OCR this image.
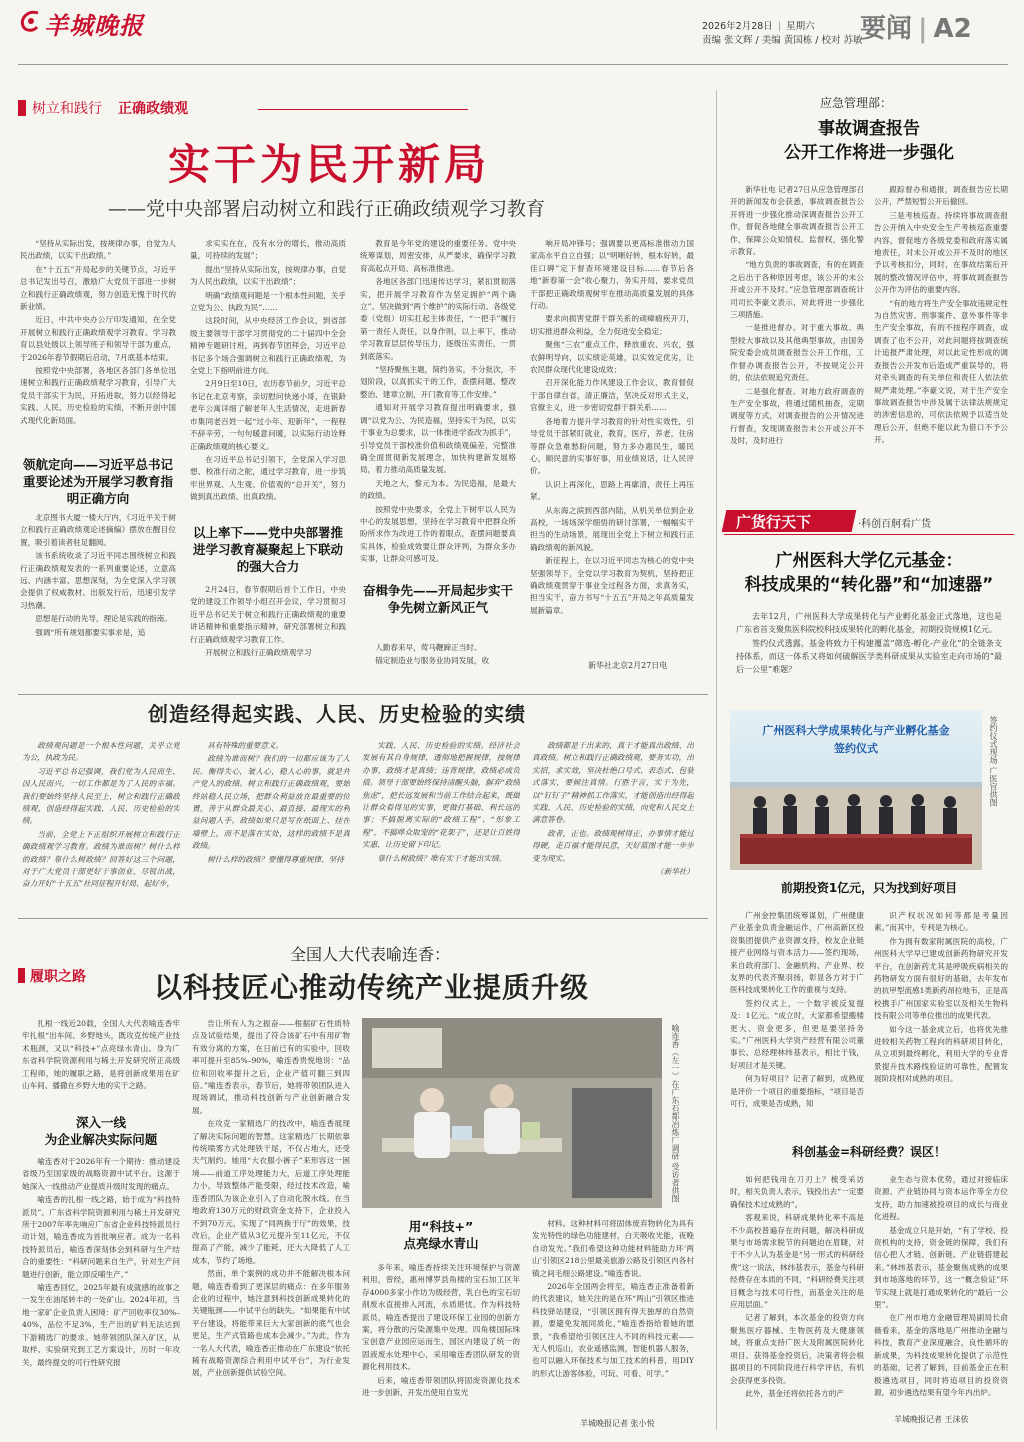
羊城晚报	2026年2月28日 | 星期六
责编 张文辉 / 美编 黄国栋 / 校对 苏敏
要闻 | A2
树立和践行 正确政绩观
实干为民开新局
——党中央部署启动树立和践行正确政绩观学习教育

“坚持从实际出发，按规律办事，自觉为人民出政绩，以实干出政绩。”

在“十五五”开局起步的关键节点，习近平总书记发出号召，激励广大党员干部进一步树立和践行正确政绩观，努力创造无愧于时代的新业绩。

近日，中共中央办公厅印发通知，在全党开展树立和践行正确政绩观学习教育。学习教育以县处级以上领导班子和领导干部为重点，于2026年春节假期后启动，7月底基本结束。

按照党中央部署，各地区各部门各单位迅速树立和践行正确政绩观学习教育，引导广大党员干部实干为民，开拓进取，努力以经得起实践、人民、历史检验的实绩，不断开创中国式现代化新局面。

领航定向——习近平总书记重要论述为开展学习教育指明正确方向

北京图书大厦一楼大厅内，《习近平关于树立和践行正确政绩观论述摘编》摆放在醒目位置，吸引着读者驻足翻阅。

该书系统收录了习近平同志围绕树立和践行正确政绩观发表的一系列重要论述，立意高远、内涵丰富、思想深刻，为全党深入学习领会提供了权威教材。出版发行后，迅速引发学习热潮。

思想是行动的先导，理论是实践的指南。

强调“所有规划都要实事求是，追

求实实在在，没有水分的增长，推动高质量，可持续的发展”；

提出“坚持从实际出发，按规律办事，自觉为人民出政绩，以实干出政绩”；

明确“政绩观问题是一个根本性问题，关乎立党为公、执政为民”……

这段时间，从中央经济工作会议，到省部级主要领导干部学习贯彻党的二十届四中全会精神专题研讨班，再到春节团拜会，习近平总书记多个场合强调树立和践行正确政绩观，为全党上下指明前进方向。

2月9日至10日，农历春节前夕，习近平总书记在北京考察，亲切慰问快递小哥，在银龄老年公寓详细了解老年人生活情况，走进新春市集同老百姓一起“过小年、迎新年”，一程程不辞辛劳，一句句暖意问暖，以实际行动诠释正确政绩观的核心要义。

在习近平总书记引领下，全党深入学习思想、校准行动之舵，通过学习教育，进一步筑牢世界观、人生观、价值观的“总开关”，努力做到真出政绩、出真政绩。

以上率下——党中央部署推进学习教育凝聚起上下联动的强大合力

2月24日，春节假期后首个工作日，中央党的建设工作领导小组召开会议，学习贯彻习近平总书记关于树立和践行正确政绩观的重要讲话精神和重要指示精神，研究部署树立和践行正确政绩观学习教育工作。

开展树立和践行正确政绩观学习

教育是今年党的建设的重要任务。党中央统筹谋划，周密安排，从严要求，确保学习教育高起点开局、高标准推进。

各地区各部门迅速传达学习，紧扣贯彻落实，把开展学习教育作为坚定拥护“两个确立”、坚决做到“两个维护”的实际行动。各级党委（党组）切实扛起主体责任，“一把手”履行第一责任人责任，以身作则，以上率下，推动学习教育层层传导压力，逐级压实责任，一贯到底落实。

“坚持聚焦主题，简约务实，不分批次，不划阶段，以真抓实干的工作，查摆问题、整改整治、建章立制，开门教育等工作安排。”

通知对开展学习教育提出明确要求，强调“以党为公、为民造福，坚持实干为民，以实干事业为总要求，以一体推进学查改为抓手”，引导党员干部校准价值和政绩观偏差，完整准确全面贯彻新发展理念，加快构建新发展格局，着力推动高质量发展。

天地之大，黎元为本。为民造福，是最大的政绩。

按照党中央要求，全党上下树牢以人民为中心的发展思想，坚持在学习教育中把群众所盼所求作为改进工作的着眼点，查摆问题要真实具体，检验成效要让群众评判，为群众多办实事，让群众可感可及。

奋楫争先——开局起步实干争先树立新风正气

人勤春来早，莺马鞭蹄正当时。

锚定制造业与服务业协同发展，收

响开局冲锋号；强调要以更高标准推动力国家高水平自立自强；以“明晰好转，根本好转，最佳口碑”定下督查环境建设目标……春节后各地“新春第一会”收心聚力，务实开局，要求党员干部把正确政绩观树牢在推动高质量发展的具体行动。

要求向损害党群干群关系的顽瘴痼疾开刀，切实推进群众利益，全力促进安全稳定；

聚焦“三农”重点工作，释放重农、兴农，强农鲜明导向，以实绩论英雄，以实效定优劣，让农民群众现代化建设成效；

召开深化能力作风建设工作会议，教育督促干部自律自省，清正廉洁，坚决反对形式主义，官僚主义，进一步密切党群干群关系……

各地着力提升学习教育的针对性实效性，引导党员干部紧盯就业，教育，医疗，养老，住房等群众急难愁盼问题，努力多办惠民生，暖民心，顺民意的实事好事，用业绩说话，让人民评价。

认识上再深化，思路上再廓清，责任上再压紧。

从东海之滨到西部内陆，从机关单位到企业高校，一场场深学细悟的研讨部署，一幅幅实干担当的生动场景，展现出全党上下树立和践行正确政绩观的新风貌。

新征程上，在以习近平同志为核心的党中央坚强领导下，全党以学习教育为契机，坚持把正确政绩观贯穿于事业全过程各方面，求真务实，担当实干，奋力书写“十五五”开局之年高质量发展新篇章。

新华社北京2月27日电
创造经得起实践、人民、历史检验的实绩

政绩观问题是一个根本性问题，关乎立党为公，执政为民。

习近平总书记强调，我们党为人民而生、因人民而兴，一切工作都是为了人民的幸福。我们要始终坚持人民至上，树立和践行正确政绩观，创造经得起实践、人民、历史检验的实绩。

当前，全党上下正组织开展树立和践行正确政绩观学习教育。政绩为谁而树？树什么样的政绩？靠什么树政绩？回答好这三个问题，对于广大党员干部更好干事创业，尽锐出战，奋力开好“十五五”社同征程开好局、起好步，

具有特殊的重要意义。

政绩为谁而树？我们的一切都应该为了人民。衡得失心，皱人心，稳人心的事，就是共产党人的政绩。树立和践行正确政绩观，要始终站稳人民立场，把群众利益放在最重要的位置，善于从群众最关心、最直接、最现实的利益问题入手。政绩如果只是写在纸面上、挂在墙壁上，而不是落在实处，这样的政绩不是真政绩。

树什么样的政绩？要懂得尊重规律、坚持

实践、人民、历史检验的实绩。经济社会发展有其自身规律，透彻地把握规律，按规律办事，政绩才是真绩；违背规律，政绩必成负债。领导干部要始终保持清醒头脑，摒弃“政绩焦虑”，把长远发展和当前工作结合起来，既做让群众看得见的实事，更做打基础、利长远的事；不搞脱离实际的“政绩工程”、“形象工程”，不搞哗众取宠的“花架子”，还是让百姓得实惠、让历史留下印记。

靠什么树政绩？唯有实干才能出实绩。

政绩都是干出来的，真干才能真出政绩、出真政绩。树立和践行正确政绩观，要务实功，出实招，求实效，坚决杜绝口号式、表态式、包装式落实，要倾注真情。行胜于言，实干为先，以“钉钉子”精神抓工作落实，才能创造出经得起实践、人民、历史检验的实绩，向党和人民交上满意答卷。

政者，正也。政绩观树得正，办事情才能过得硬，走百福才能得民意，天好蓝图才能一步步变为现实。

（新华社）

应急管理部：
事故调查报告
公开工作将进一步强化

新华社电 记者27日从应急管理部召开的新闻发布会获悉，事故调查报告公开将进一步强化推动深调查报告公开工作，督促各地健全事故调查报告公开工作，保障公众知情权、监督权，强化警示教育。

“地方负责的事故调查，有的在调查之后出于各种原因考虑，该公开的未公开或公开不及时。”应急管理部调查统计司司长李豪文表示，对此将进一步强化三项措施。

一是推进督办。对于重大事故、典型较大事故以及其他典型事故，由国务院安委会成员调查报告公开工作组，工作督办调查报告公开，不按规定公开的，依法依规追究责任。

二是强化督查。对地方政府调查的生产安全事故，将通过随机抽查，定期调度等方式，对调查报告的公开情况进行督查，发现调查报告未公开或公开不及时，及时进行

跟踪督办和通报，调查报告应长期公开，严禁短暂公开后撤回。

三是考核巡查。持续将事故调查报告公开纳入中央安全生产考核巡查重要内容，督促地方各级党委和政府落实属地责任，对未公开或公开不及时的地区予以考核扣分，同时，在事故结案后开展的整改情况评估中，将事故调查报告公开作为评估的重要内容。

“有的地方将生产安全事故违规定性为自然灾害、刑事案件、意外事件等非生产安全事故，有的不按程序调查，或调查了也不公开，对此问题将按调查统计追报严肃处理，对以此定性形成的调查报告公开发布后造成严重误导的，将对牵头调查的有关单位和责任人依法依规严肃处理。”李豪文说，对于生产安全事故调查报告中涉及属于法律法规规定的涉密信息的，可依法依规予以适当处理后公开，但绝不能以此为借口不予公开。

广货行天下	·科创百舸看广货
广州医科大学亿元基金：
科技成果的“转化器”和“加速器”

去年12月，广州医科大学成果转化与产业孵化基金正式落地，这也是广东省首支聚焦医科院校科技成果转化的孵化基金，初期投资规模1亿元。

签约仪式透露，基金将致力于构建覆盖“筛选-孵化-产业化”的全链条支持体系，而这一体系又将如何破解医学类科研成果从实验室走向市场的“最后一公里”难题？

广州医科大学成果转化与产业孵化基金
签约仪式	签约仪式现场 广医官供图
前期投资1亿元，只为找到好项目

广州金控集团统筹谋划，广州健康产业基金负责金融运作，广州高新区投资集团提供产业资源支持，校友企业链接产业网络与资本活力——签约现场，来自政府部门、金融机构、产业界、校友界的代表齐聚羽扬，彰显各方对于广医科技成果转化工作的重视与支持。

签约仪式上，一个数字被反复提及：1亿元。“成立时，大家都希望搬楼更大、资金更多，但更是要坚持务实。”广州医科大学资产经营有限公司董事长、总经理林纬基表示，相比于钱，好项目才是关键。

何为好项目？记者了解到，成熟度是评价一个项目的重要指标，“项目是否可行，成果是否成熟，知

识产权状况如何等都是考量因素。”而其中，专利是为核心。

作为拥有数家附属医院的高校，广州医科大学早已建成创新药物研究开发平台，在创新药尤其是呼吸疾病相关的药物研发方面有很好的基础，去年发布的抗甲型流感1类新药昂拉地韦，正是高校携手广州国家实验室以及相关生物科技有限公司等单位推出的成果代表。

如今这一基金成立后，也将优先推进较相关药物工程向的科研项目转化，从立项到最终孵化，利用大学的专业背景提升技术路线验证的可靠性，配置发展阶段相对成熟的项目。

科创基金=科研经费？误区！

如何把钱用在刀刃上？梳受采访时，相关负责人表示，钱投出去“一定要确保技术过成熟的”。

客观来说，科研成果转化率不高是不少高校普遍存在的问题，解决科研成果与市场需求脱节的问题迫在眉睫，对于不少人认为基金是“另一形式的科研经费”这一说法，林纬基表示，基金与科研经费存在本质的不同，“科研经费关注项目概念与技术可行性，而基金关注的是应用层面。”

记者了解到，本次基金的投资方向聚焦医疗器械、生物医药及大健康领域，将重点支持广医大及附属医院转化项目。获得基金投资后，决策者将会根据项目的不同阶段进行科学评估，有机会获得更多投资。

此外，基金还将依托各方的产

业生态与资本优势，通过对接临床资源、产业链协同与资本运作等全方位支持，助力加速被投项目的成长与商业化进程。

基金成立只是开始，“有了学校、投资机构的支持，资金链的保障，我们有信心把人才链、创新链、产业链搭建起来。”林纬基表示，基金聚焦成熟的成果到市场落地的环节，这一“概念验证”环节实现上就是打通成果转化的“最后一公里”。

在广州市地方金融管理局副局长俞薇看来，基金的落地是广州推动金融与科技，教育产业深度融合，良性循环的新成果，为科技成果转化提供了示范性的基础，记者了解到，目前基金正在积极遴选项目，同时将追项目的投资资源，初步遴选结果有望今年内出炉。

羊城晚报记者 王沫依
全国人大代表喻连香：
履职之路 以科技匠心推动传统产业提质升级

扎根一线近20载，全国人大代表喻连香牢牢扎根“出车间、乡野地头，既攻克传统产业技术瓶颈，又以“科技+”点亮绿水青山。身为广东省科学院资源利用与稀土开发研究所正高级工程师，她的履职之路，是将创新成果用在矿山车间、播撒在乡野大地的实干之路。

深入一线
为企业解决实际问题

喻连香对于2026年有一个期待：推动建设省级乃至国家级的战略资源中试平台。这源于她深入一线推动产业提质升级时发现的痛点。

喻连香的扎根一线之路，始于成为“科技特派员”。广东省科学院资源利用与稀土开发研究所于2007年率先响应广东省企业科技特派员行动计划，喻连香成为首批响应者。成为一名科技特派员后，喻连香深刻体会到科研与生产结合的重要性：“科研问题来自生产，针对生产问题进行创新，能立即反哺生产。”

喻连香回忆，2025年最有成就感的故事之一发生在油尾转丰的一处矿山。2024年初，当地一家矿企业负责人困境：矿产回收率仅30%–40%，品位不足3%，生产出的矿料无法达到下游精选厂的要求。她带领团队深入矿区，从取样、实验研究到工艺方案设计，历时一年攻关，最终提交的可行性研究报

告让所有人为之振奋——根据矿石性质特点及试验结果，提出了符合该矿石中有用矿物有效分离的方案，在日前已有的实验中，回收率可提升至85%–90%，喻连香贵悦地说：“品位和回收率提升之后，企业产值可翻三到四倍。”喻连香表示，春节后，她将带领团队进入现场调试，推动科技创新与产业创新融合发展。

在攻克一家精选厂的技改中，喻连香展现了解决实际问题的智慧。这家精选厂长期依靠传统喷雾方式处理铁干尾，不仅占地大，还受天气制约。她用“大衣服小裤子”来形容这一困境——前道工序处理能力大，后道工序处理能力小，导致整体产能受限，经过技术改造，喻连香团队为该企业引入了自动化脱水线。在当地政府130万元的财政资金支持下，企业投入不到70万元，实现了“同两换于厅”的效果，技改后，企业产值从3亿元提升至11亿元，不仅提高了产能，减少了能耗，还大大降低了人工成本，节约了场地。

然而，单个案例的成功并不能解决根本问题，喻连香看到了更深层的痛点：在多年服务企业的过程中，她注意到科技创新成果转化的关键瓶颈——中试平台的缺失。“如果能有中试平台建设，将能带来巨大大家创新的底气也会更足，生产式管路也成本会减少。”为此，作为一名人大代表，喻连香正推动在广东建设“依托稀有战略资源综合利用中试平台”，为行业发展，产业创新提供试验空间。

喻连香（左一）在广东石都冶炼厂调研 受访者供图
用“科技+”
点亮绿水青山

多年来，喻连香持续关注环境保护与资源利用，曾经，惠州博罗县角楼的宝石加工区年存4000多家小作坊为级经营，乳白色的宝石切削废水直接排入河流，水质堪忧。作为科技特派员，喻连香提出了建设环保工业园的创新方案，将分散的污染源集中处理。四角楼国际珠宝创意产业园应运而生，园区内建设了统一的固液废水处理中心，采用喻连香团队研发的资源化利用技术。

后来，喻连香带领团队将固废资源化技术进一步创新，开发出使用自发光

材料。这种材料可将固体废弃物转化为具有发光特性的绿色功能建材，白天吸收光能，夜晚自动发光。”我们希望这种功能材料能助力环‘两山’引领区218公里最美旅游公路及引领区内各村镇之间毛细公路建设。”喻连香说。

2026年全国两会将至，喻连香正准备着新的代表建议，她关注的是在环“两山”引领区推进科技驿站建设，“引领区拥有得天独厚的自然资源，要避免发展同质化，”喻连香指给着她的愿景，“我希望给引领区注入不同的科技元素——无人机巡山，农业遥感监测，智能机器人服务，也可以融入环保技术与加工技术的科普，用DIY的形式让游客体验，可玩、可看、可学。”

羊城晚报记者 张小悦
